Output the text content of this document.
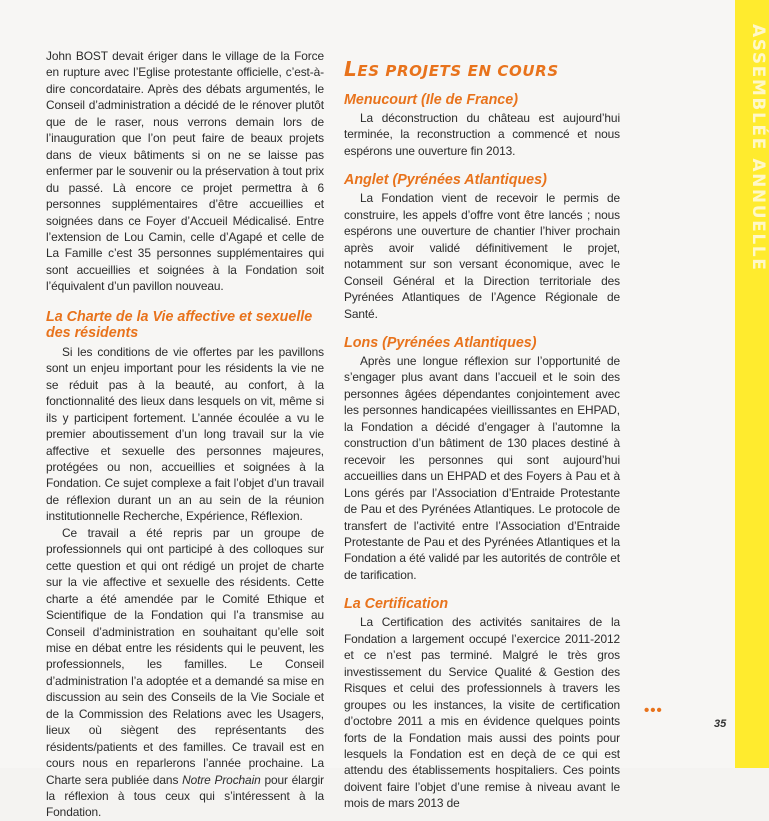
ASSEMBLÉE ANNUELLE

John BOST devait ériger dans le village de la Force en rupture avec l’Eglise protestante officielle, c’est-à-dire concordataire. Après des débats argumentés, le Conseil d’administration a décidé de le rénover plutôt que de le raser, nous verrons demain lors de l’inauguration que l’on peut faire de beaux projets dans de vieux bâtiments si on ne se laisse pas enfermer par le souvenir ou la préservation à tout prix du passé. Là encore ce projet permettra à 6 personnes supplémentaires d’être accueillies et soignées dans ce Foyer d’Accueil Médicalisé. Entre l’extension de Lou Camin, celle d’Agapé et celle de La Famille c’est 35 personnes supplémentaires qui sont accueillies et soignées à la Fondation soit l’équivalent d’un pavillon nouveau.

La Charte de la Vie affective et sexuelle des résidents

Si les conditions de vie offertes par les pavillons sont un enjeu important pour les résidents la vie ne se réduit pas à la beauté, au confort, à la fonctionnalité des lieux dans lesquels on vit, même si ils y participent fortement. L’année écoulée a vu le premier aboutissement d’un long travail sur la vie affective et sexuelle des personnes majeures, protégées ou non, accueillies et soignées à la Fondation. Ce sujet complexe a fait l’objet d’un travail de réflexion durant un an au sein de la réunion institutionnelle Recherche, Expérience, Réflexion.

Ce travail a été repris par un groupe de professionnels qui ont participé à des colloques sur cette question et qui ont rédigé un projet de charte sur la vie affective et sexuelle des résidents. Cette charte a été amendée par le Comité Ethique et Scientifique de la Fondation qui l’a transmise au Conseil d’administration en souhaitant qu’elle soit mise en débat entre les résidents qui le peuvent, les professionnels, les familles. Le Conseil d’administration l’a adoptée et a demandé sa mise en discussion au sein des Conseils de la Vie Sociale et de la Commission des Relations avec les Usagers, lieux où siègent des représentants des résidents/patients et des familles. Ce travail est en cours nous en reparlerons l’année prochaine. La Charte sera publiée dans Notre Prochain pour élargir la réflexion à tous ceux qui s’intéressent à la Fondation.

LES PROJETS EN COURS
Menucourt (Ile de France)

La déconstruction du château est aujourd’hui terminée, la reconstruction a commencé et nous espérons une ouverture fin 2013.

Anglet (Pyrénées Atlantiques)

La Fondation vient de recevoir le permis de construire, les appels d’offre vont être lancés ; nous espérons une ouverture de chantier l’hiver prochain après avoir validé définitivement le projet, notamment sur son versant économique, avec le Conseil Général et la Direction territoriale des Pyrénées Atlantiques de l’Agence Régionale de Santé.

Lons (Pyrénées Atlantiques)

Après une longue réflexion sur l’opportunité de s’engager plus avant dans l’accueil et le soin des personnes âgées dépendantes conjointement avec les personnes handicapées vieillissantes en EHPAD, la Fondation a décidé d’engager à l’automne la construction d’un bâtiment de 130 places destiné à recevoir les personnes qui sont aujourd’hui accueillies dans un EHPAD et des Foyers à Pau et à Lons gérés par l’Association d’Entraide Protestante de Pau et des Pyrénées Atlantiques. Le protocole de transfert de l’activité entre l’Association d’Entraide Protestante de Pau et des Pyrénées Atlantiques et la Fondation a été validé par les autorités de contrôle et de tarification.

La Certification

La Certification des activités sanitaires de la Fondation a largement occupé l’exercice 2011-2012 et ce n’est pas terminé. Malgré le très gros investissement du Service Qualité & Gestion des Risques et celui des professionnels à travers les groupes ou les instances, la visite de certification d’octobre 2011 a mis en évidence quelques points forts de la Fondation mais aussi des points pour lesquels la Fondation est en deçà de ce qui est attendu des établissements hospitaliers. Ces points doivent faire l’objet d’une remise à niveau avant le mois de mars 2013 de

•••
35
